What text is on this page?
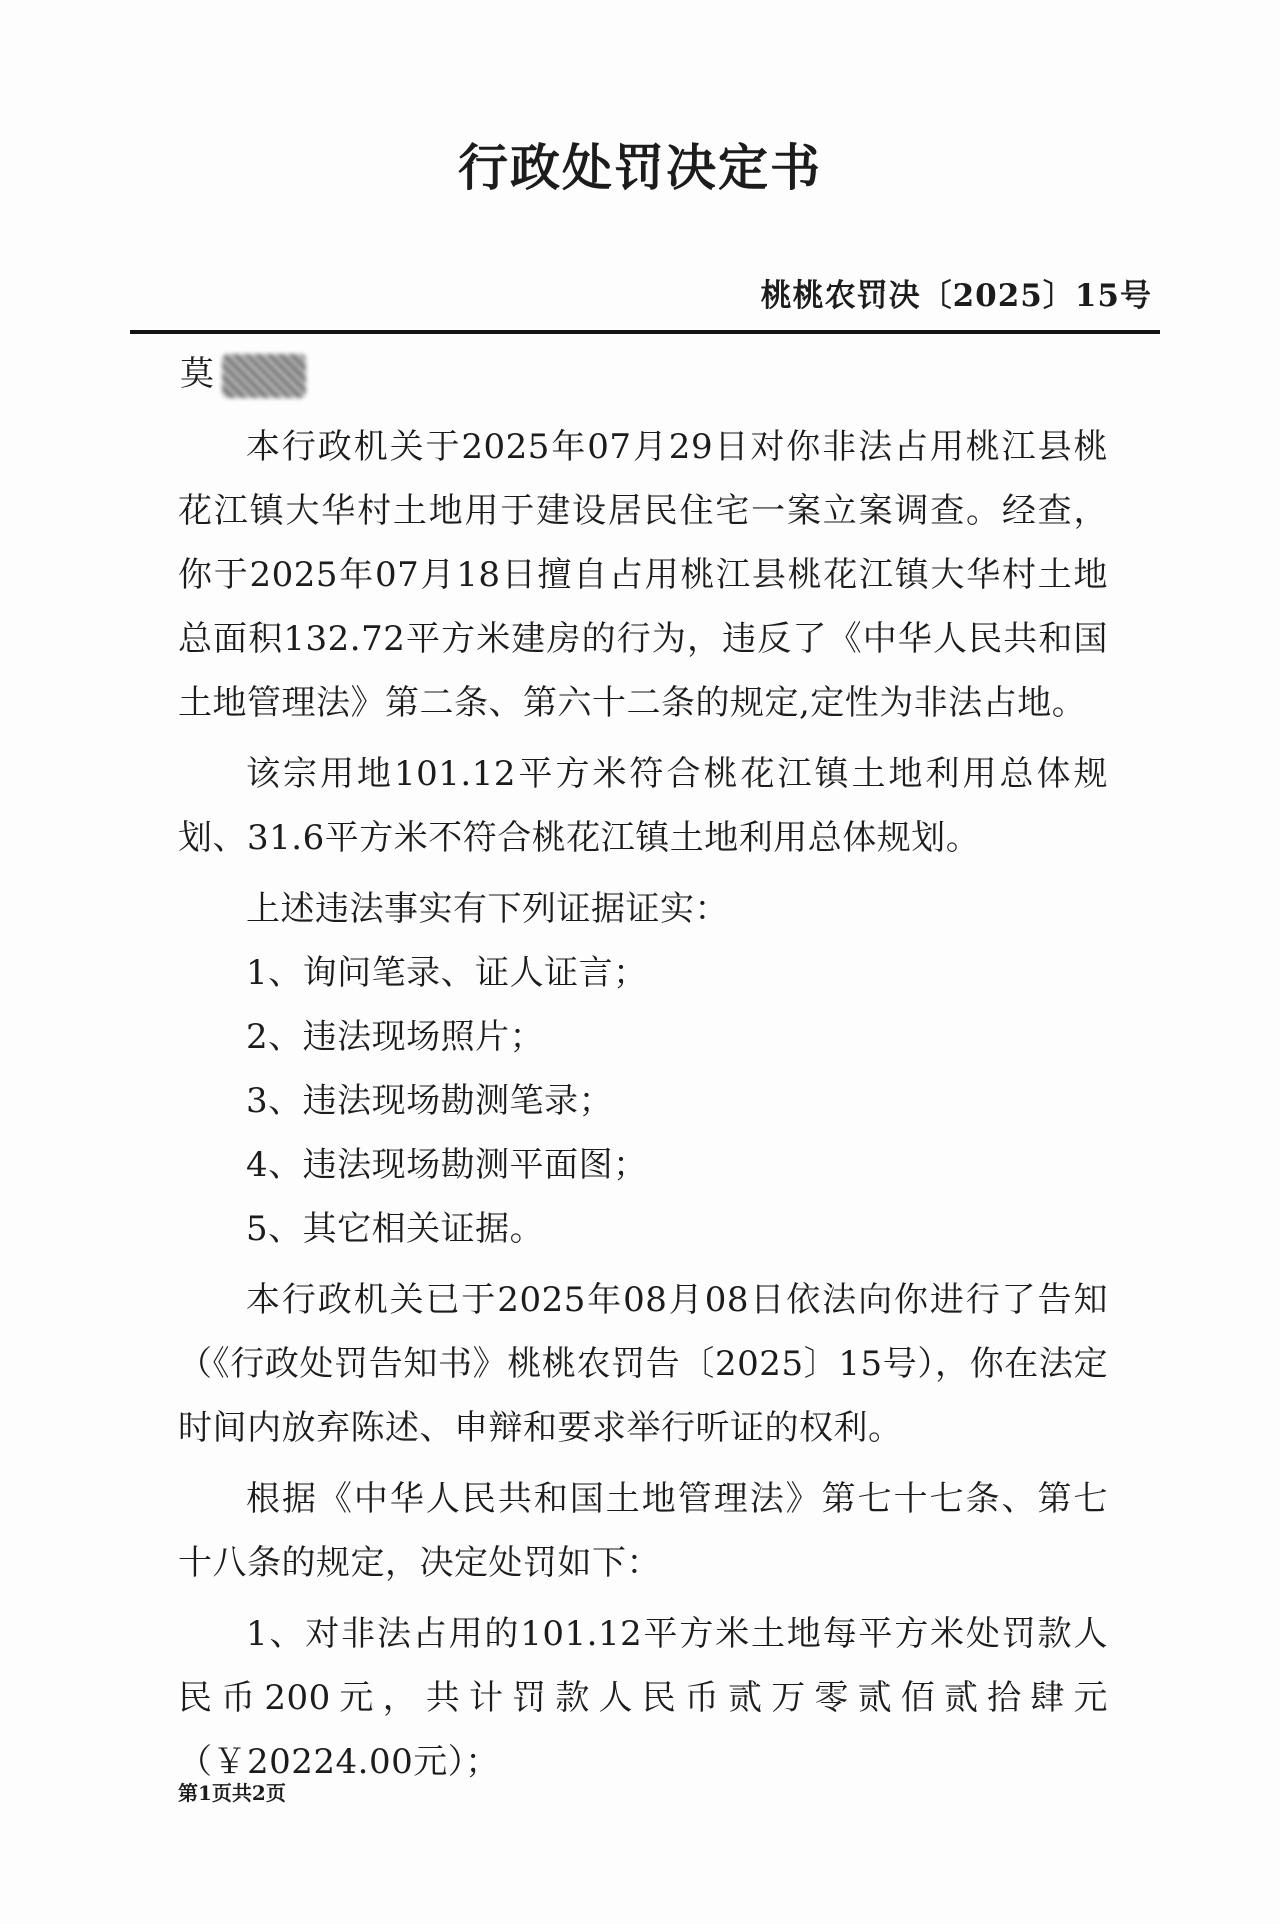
行政处罚决定书
桃桃农罚决〔2025〕15号
莫

本行政机关于2025年07月29日对你非法占用桃江县桃花江镇大华村土地用于建设居民住宅一案立案调查。经查，你于2025年07月18日擅自占用桃江县桃花江镇大华村土地总面积132.72平方米建房的行为，违反了《中华人民共和国土地管理法》第二条、第六十二条的规定,定性为非法占地。

该宗用地101.12平方米符合桃花江镇土地利用总体规划、31.6平方米不符合桃花江镇土地利用总体规划。

上述违法事实有下列证据证实：

1、询问笔录、证人证言；

2、违法现场照片；

3、违法现场勘测笔录；

4、违法现场勘测平面图；

5、其它相关证据。

本行政机关已于2025年08月08日依法向你进行了告知（《行政处罚告知书》桃桃农罚告〔2025〕15号），你在法定时间内放弃陈述、申辩和要求举行听证的权利。

根据《中华人民共和国土地管理法》第七十七条、第七十八条的规定，决定处罚如下：

1、对非法占用的101.12平方米土地每平方米处罚款人民币200元，共计罚款人民币贰万零贰佰贰拾肆元（￥20224.00元）；

第1页共2页
